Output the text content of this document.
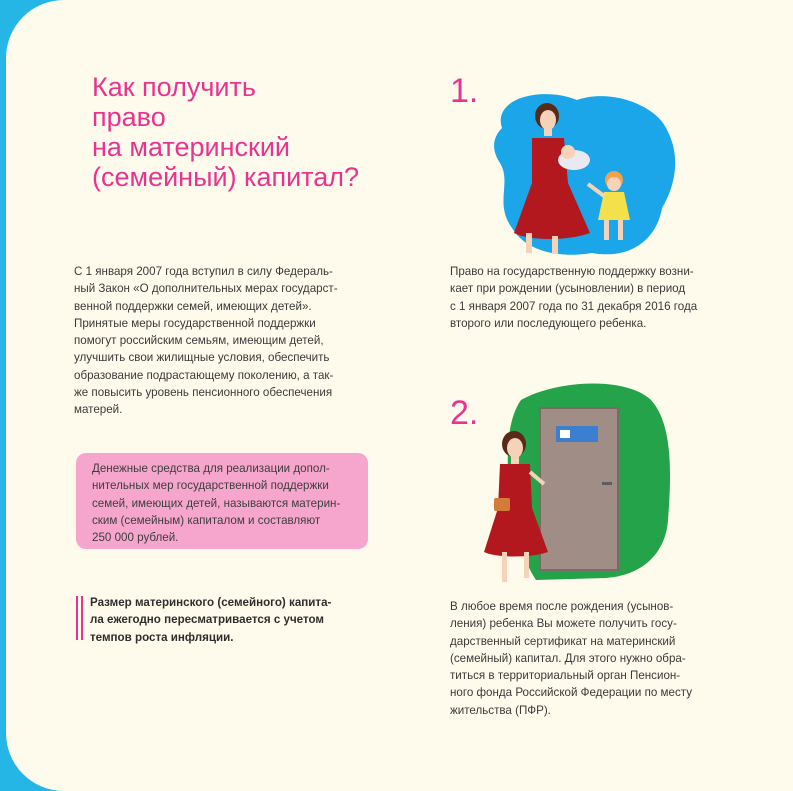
Как получить
право
на материнский
(семейный) капитал?

С 1 января 2007 года вступил в силу Федераль-
ный Закон «О дополнительных мерах государст-
венной поддержки семей, имеющих детей».
Принятые меры государственной поддержки
помогут российским семьям, имеющим детей,
улучшить свои жилищные условия, обеспечить
образование подрастающему поколению, а так-
же повысить уровень пенсионного обеспечения
матерей.

Денежные средства для реализации допол-
нительных мер государственной поддержки
семей, имеющих детей, называются материн-
ским (семейным) капиталом и составляют
250 000 рублей.

Размер материнского (семейного) капита-
ла ежегодно пересматривается с учетом
темпов роста инфляции.

1.

Право на государственную поддержку возни-
кает при рождении (усыновлении) в период
с 1 января 2007 года по 31 декабря 2016 года
второго или последующего ребенка.

2.

В любое время после рождения (усынов-
ления) ребенка Вы можете получить госу-
дарственный сертификат на материнский
(семейный) капитал. Для этого нужно обра-
титься в территориальный орган Пенсион-
ного фонда Российской Федерации по месту
жительства (ПФР).
